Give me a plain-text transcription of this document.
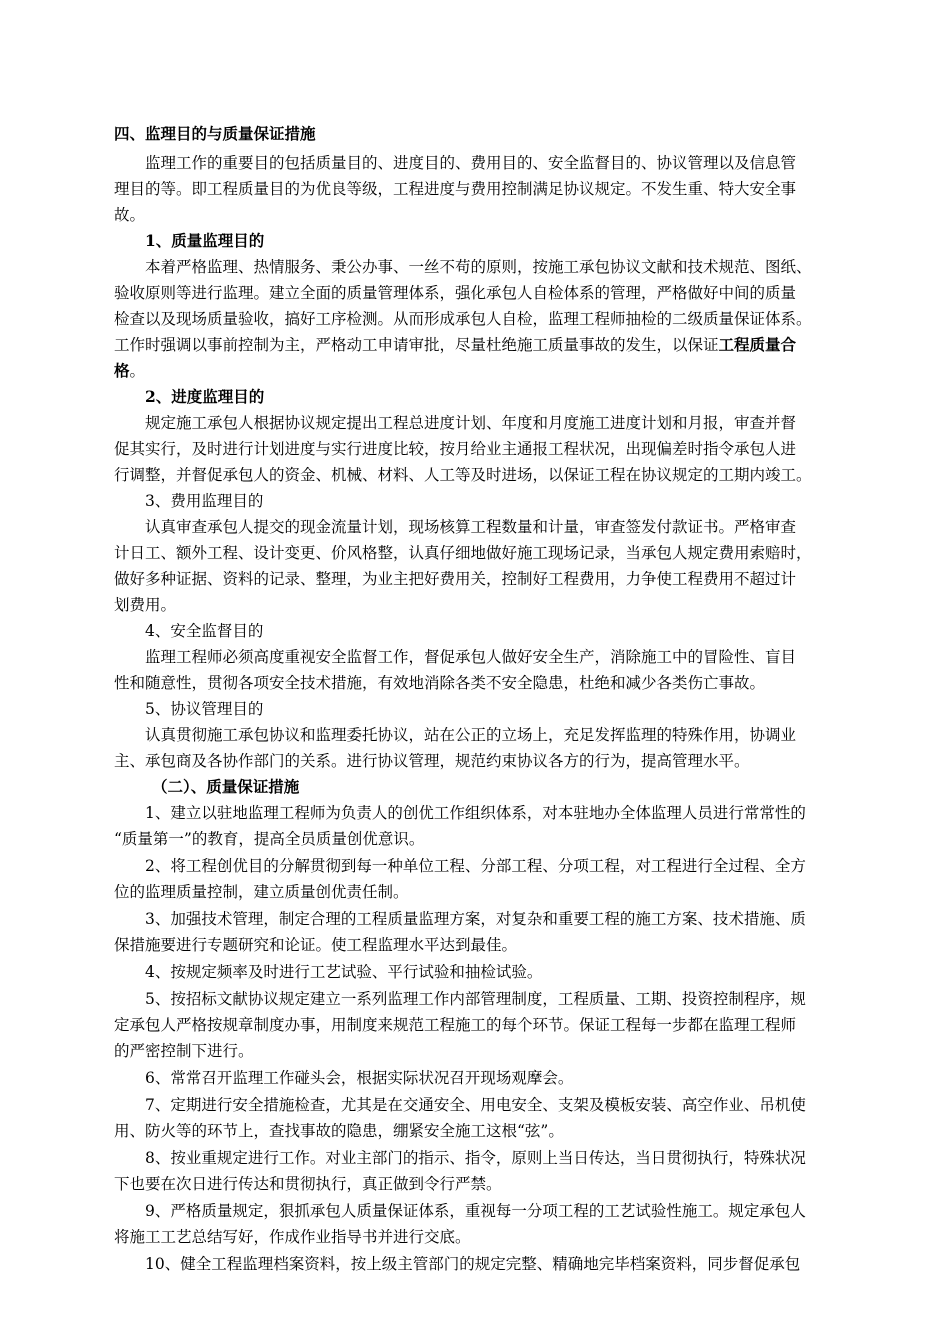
四、监理目的与质量保证措施
监理工作的重要目的包括质量目的、进度目的、费用目的、安全监督目的、协议管理以及信息管
理目的等。即工程质量目的为优良等级，工程进度与费用控制满足协议规定。不发生重、特大安全事
故。
1、质量监理目的
本着严格监理、热情服务、秉公办事、一丝不苟的原则，按施工承包协议文献和技术规范、图纸、
验收原则等进行监理。建立全面的质量管理体系，强化承包人自检体系的管理，严格做好中间的质量
检查以及现场质量验收，搞好工序检测。从而形成承包人自检，监理工程师抽检的二级质量保证体系。
工作时强调以事前控制为主，严格动工申请审批，尽量杜绝施工质量事故的发生，以保证工程质量合
格。
2、进度监理目的
规定施工承包人根据协议规定提出工程总进度计划、年度和月度施工进度计划和月报，审查并督
促其实行，及时进行计划进度与实行进度比较，按月给业主通报工程状况，出现偏差时指令承包人进
行调整，并督促承包人的资金、机械、材料、人工等及时进场，以保证工程在协议规定的工期内竣工。
3、费用监理目的
认真审查承包人提交的现金流量计划，现场核算工程数量和计量，审查签发付款证书。严格审查
计日工、额外工程、设计变更、价风格整，认真仔细地做好施工现场记录，当承包人规定费用索赔时，
做好多种证据、资料的记录、整理，为业主把好费用关，控制好工程费用，力争使工程费用不超过计
划费用。
4、安全监督目的
监理工程师必须高度重视安全监督工作，督促承包人做好安全生产，消除施工中的冒险性、盲目
性和随意性，贯彻各项安全技术措施，有效地消除各类不安全隐患，杜绝和减少各类伤亡事故。
5、协议管理目的
认真贯彻施工承包协议和监理委托协议，站在公正的立场上，充足发挥监理的特殊作用，协调业
主、承包商及各协作部门的关系。进行协议管理，规范约束协议各方的行为，提高管理水平。
（二）、质量保证措施
1、建立以驻地监理工程师为负责人的创优工作组织体系，对本驻地办全体监理人员进行常常性的
“质量第一”的教育，提高全员质量创优意识。
2、将工程创优目的分解贯彻到每一种单位工程、分部工程、分项工程，对工程进行全过程、全方
位的监理质量控制，建立质量创优责任制。
3、加强技术管理，制定合理的工程质量监理方案，对复杂和重要工程的施工方案、技术措施、质
保措施要进行专题研究和论证。使工程监理水平达到最佳。
4、按规定频率及时进行工艺试验、平行试验和抽检试验。
5、按招标文献协议规定建立一系列监理工作内部管理制度，工程质量、工期、投资控制程序，规
定承包人严格按规章制度办事，用制度来规范工程施工的每个环节。保证工程每一步都在监理工程师
的严密控制下进行。
6、常常召开监理工作碰头会，根据实际状况召开现场观摩会。
7、定期进行安全措施检查，尤其是在交通安全、用电安全、支架及模板安装、高空作业、吊机使
用、防火等的环节上，查找事故的隐患，绷紧安全施工这根“弦”。
8、按业重规定进行工作。对业主部门的指示、指令，原则上当日传达，当日贯彻执行，特殊状况
下也要在次日进行传达和贯彻执行，真正做到令行严禁。
9、严格质量规定，狠抓承包人质量保证体系，重视每一分项工程的工艺试验性施工。规定承包人
将施工工艺总结写好，作成作业指导书并进行交底。
10、健全工程监理档案资料，按上级主管部门的规定完整、精确地完毕档案资料，同步督促承包
